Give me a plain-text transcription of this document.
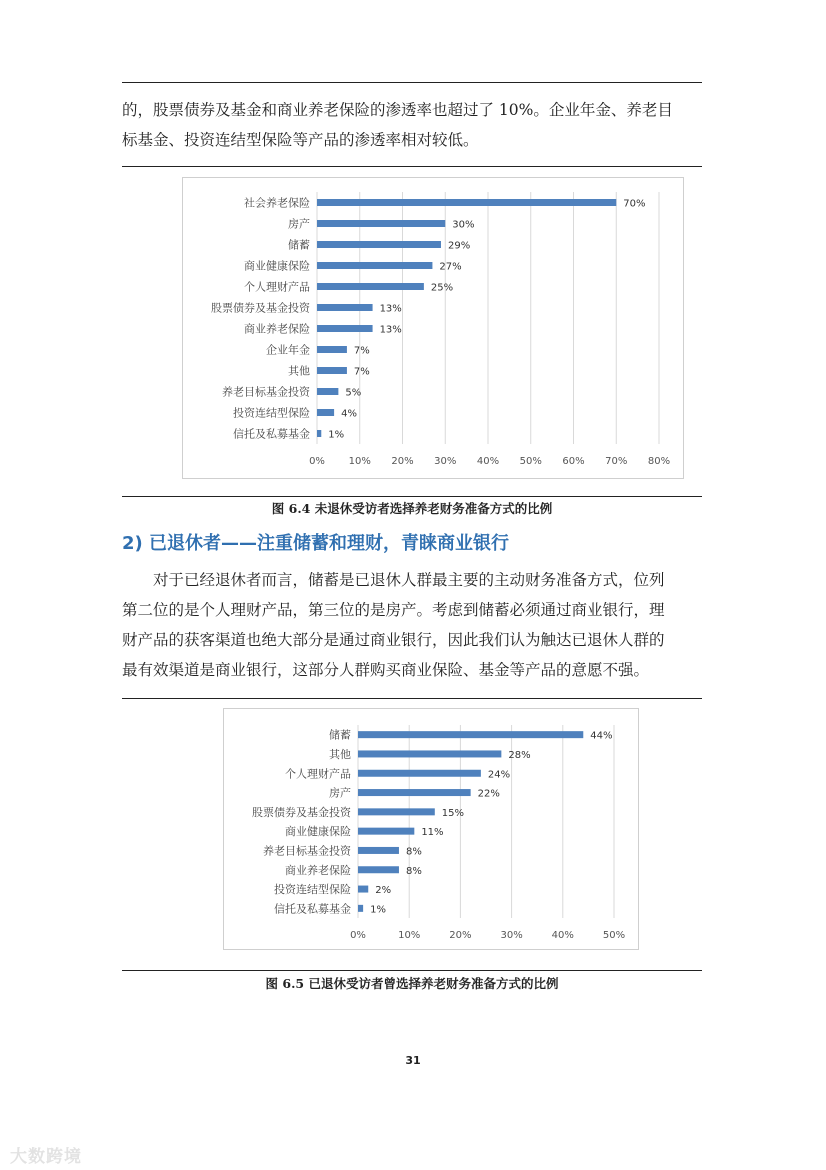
的，股票债券及基金和商业养老保险的渗透率也超过了 10%。企业年金、养老目
标基金、投资连结型保险等产品的渗透率相对较低。
0% 10% 20% 30% 40% 50% 60% 70% 80%
社会养老保险	70%
房产	30%
储蓄	29%
商业健康保险	27%
个人理财产品	25%
股票债券及基金投资	13%
商业养老保险	13%
企业年金	7%
其他	7%
养老目标基金投资	5%
投资连结型保险	4%
信托及私募基金 1%
图 6.4 未退休受访者选择养老财务准备方式的比例
2) 已退休者——注重储蓄和理财，青睐商业银行
对于已经退休者而言，储蓄是已退休人群最主要的主动财务准备方式，位列
第二位的是个人理财产品，第三位的是房产。考虑到储蓄必须通过商业银行，理
财产品的获客渠道也绝大部分是通过商业银行，因此我们认为触达已退休人群的
最有效渠道是商业银行，这部分人群购买商业保险、基金等产品的意愿不强。
0%	10%	20%	30%	40%	50%
储蓄	44%
其他	28%
个人理财产品	24%
房产	22%
股票债券及基金投资	15%
商业健康保险	11%
养老目标基金投资	8%
商业养老保险	8%
投资连结型保险 2%
信托及私募基金 1%
图 6.5 已退休受访者曾选择养老财务准备方式的比例
31
大数跨境
